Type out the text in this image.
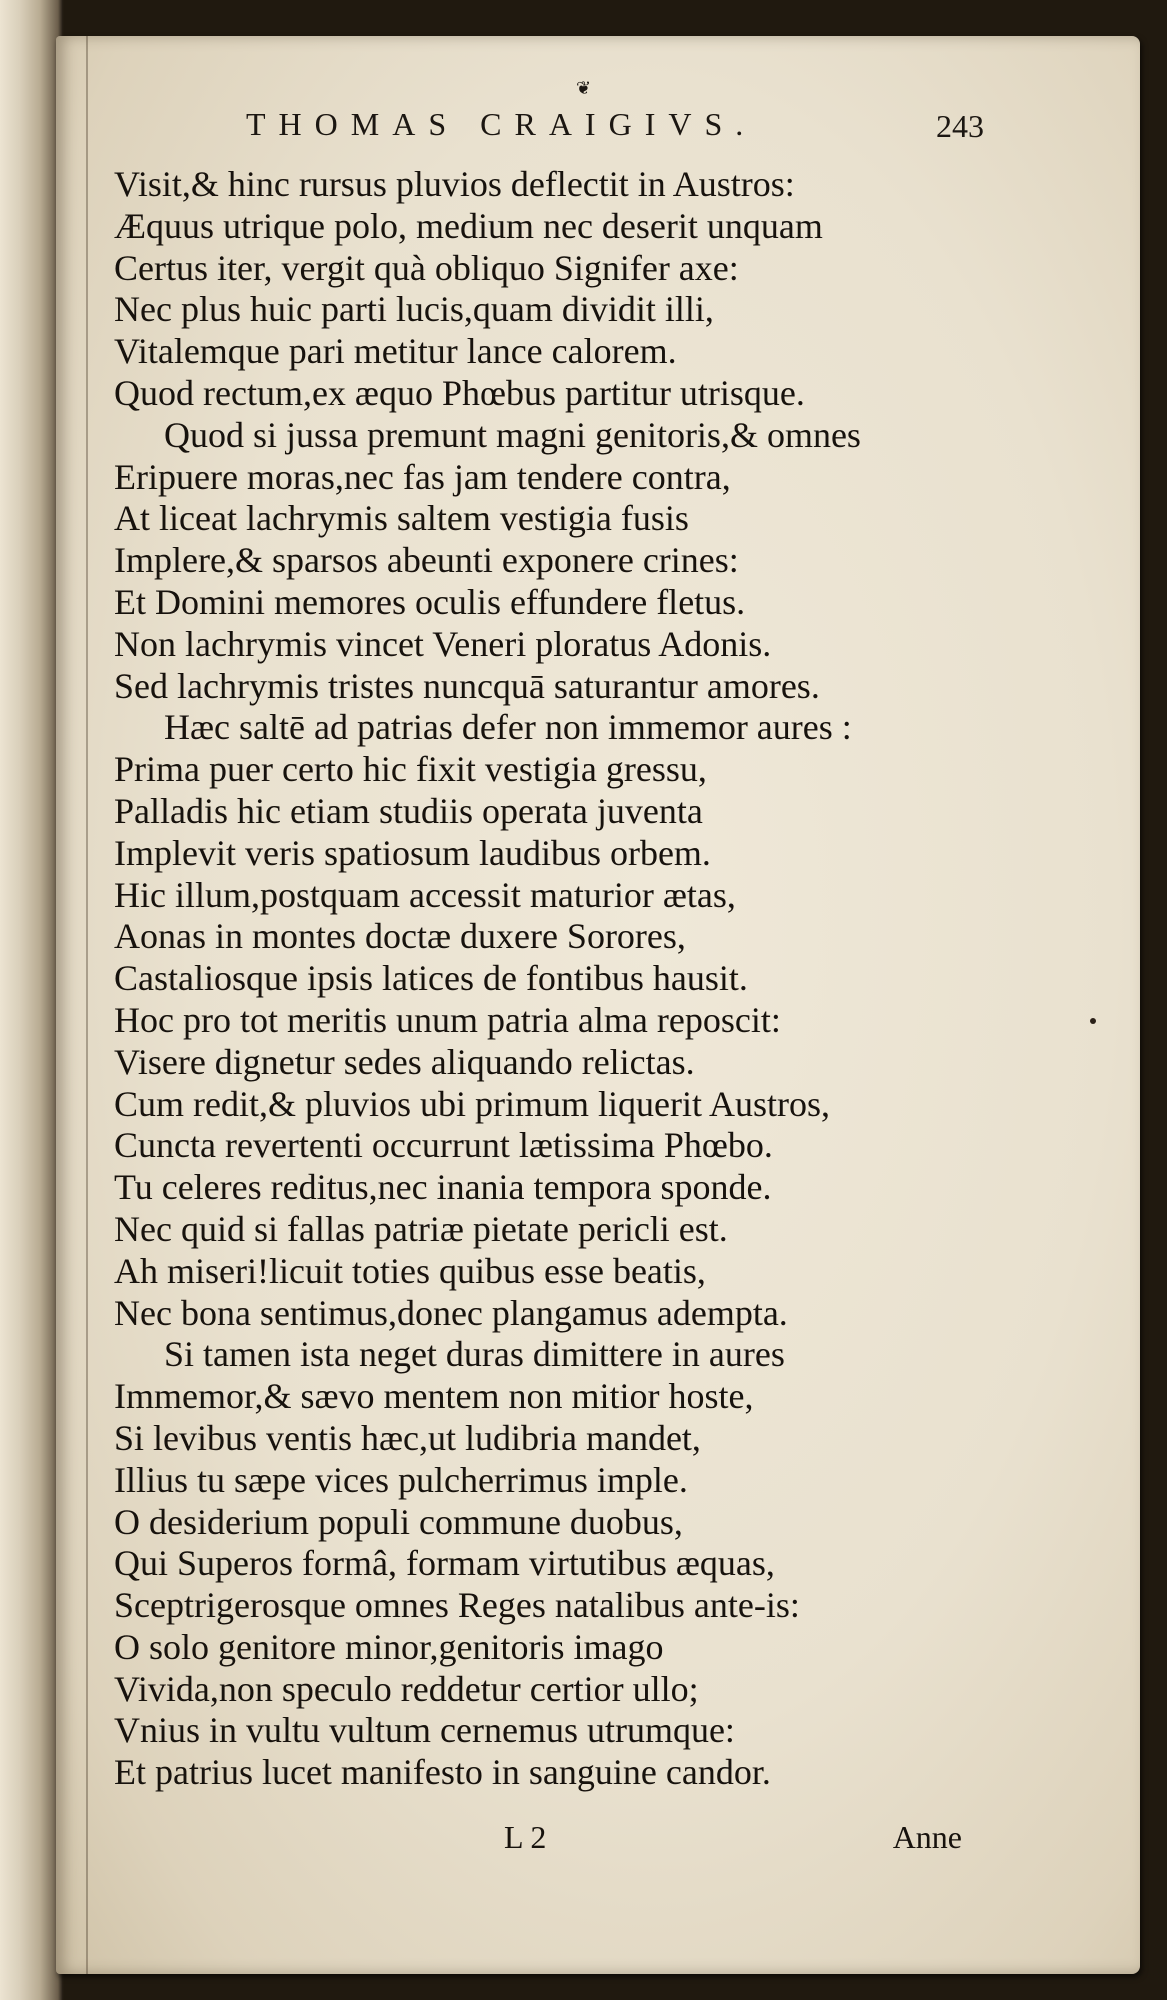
❦
THOMAS CRAIGIVS.	243
Visit,& hinc rursus pluvios deflectit in Austros:
Æquus utrique polo, medium nec deserit unquam
Certus iter, vergit quà obliquo Signifer axe:
Nec plus huic parti lucis,quam dividit illi,
Vitalemque pari metitur lance calorem.
Quod rectum,ex æquo Phœbus partitur utrisque.
Quod si jussa premunt magni genitoris,& omnes
Eripuere moras,nec fas jam tendere contra,
At liceat lachrymis saltem vestigia fusis
Implere,& sparsos abeunti exponere crines:
Et Domini memores oculis effundere fletus.
Non lachrymis vincet Veneri ploratus Adonis.
Sed lachrymis tristes nuncquā saturantur amores.
Hæc saltē ad patrias defer non immemor aures :
Prima puer certo hic fixit vestigia gressu,
Palladis hic etiam studiis operata juventa
Implevit veris spatiosum laudibus orbem.
Hic illum,postquam accessit maturior ætas,
Aonas in montes doctæ duxere Sorores,
Castaliosque ipsis latices de fontibus hausit.
Hoc pro tot meritis unum patria alma reposcit:
Visere dignetur sedes aliquando relictas.
Cum redit,& pluvios ubi primum liquerit Austros,
Cuncta revertenti occurrunt lætissima Phœbo.
Tu celeres reditus,nec inania tempora sponde.
Nec quid si fallas patriæ pietate pericli est.
Ah miseri!licuit toties quibus esse beatis,
Nec bona sentimus,donec plangamus adempta.
Si tamen ista neget duras dimittere in aures
Immemor,& sævo mentem non mitior hoste,
Si levibus ventis hæc,ut ludibria mandet,
Illius tu sæpe vices pulcherrimus imple.
O desiderium populi commune duobus,
Qui Superos formâ, formam virtutibus æquas,
Sceptrigerosque omnes Reges natalibus ante-is:
O solo genitore minor,genitoris imago
Vivida,non speculo reddetur certior ullo;
Vnius in vultu vultum cernemus utrumque:
Et patrius lucet manifesto in sanguine candor.
L 2	Anne
